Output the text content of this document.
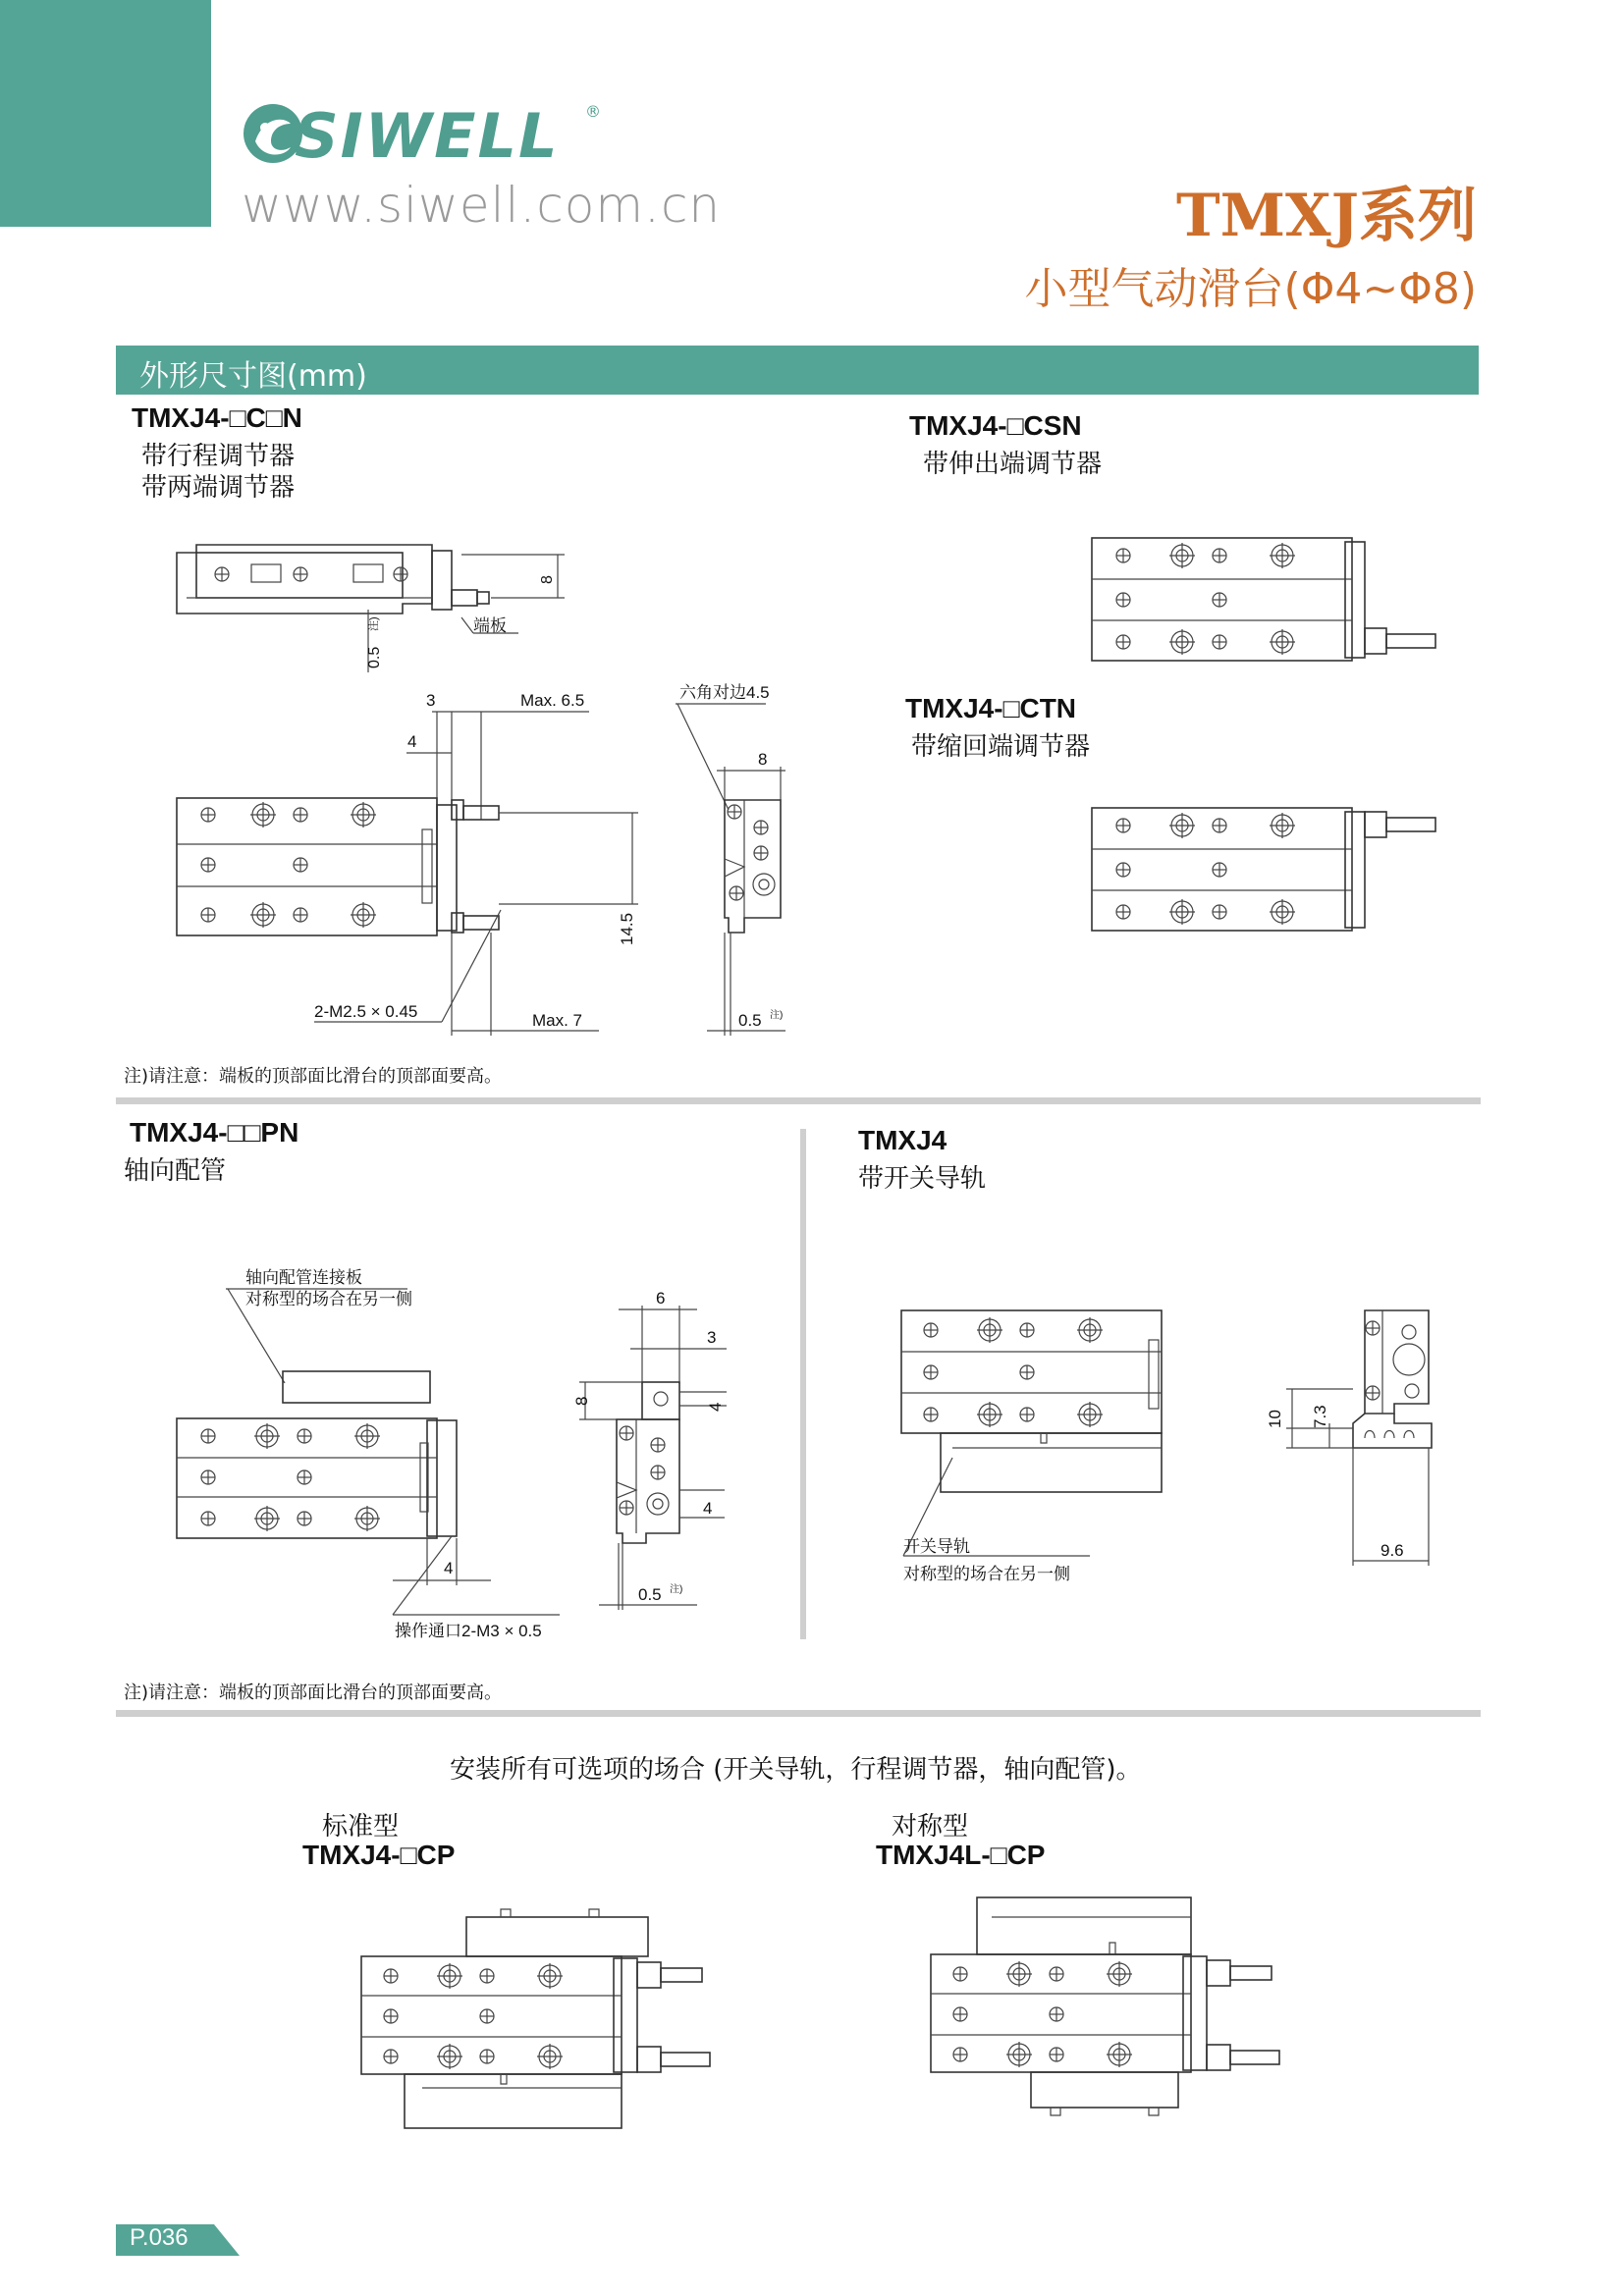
SIWELL ®
www.siwell.com.cn	TMXJ系列
小型气动滑台(Φ4~Φ8)
外形尺寸图(mm)
TMXJ4-□C□N
带行程调节器
带两端调节器
8
0.5
注)	端板
3	Max. 6.5
4
14.5
Max. 7
2-M2.5 × 0.45
六角对边4.5
8
0.5 注)
注)请注意：端板的顶部面比滑台的顶部面要高。
TMXJ4-□CSN
带伸出端调节器
TMXJ4-□CTN
带缩回端调节器
TMXJ4-□□PN
轴向配管
轴向配管连接板
对称型的场合在另一侧
4
操作通口2-M3 × 0.5
6
3
8
4
4
0.5 注)
TMXJ4
带开关导轨
开关导轨
对称型的场合在另一侧
10 7.3
9.6
注)请注意：端板的顶部面比滑台的顶部面要高。
安装所有可选项的场合 (开关导轨，行程调节器，轴向配管)。
标准型
TMXJ4-□CP
对称型
TMXJ4L-□CP
P.036
